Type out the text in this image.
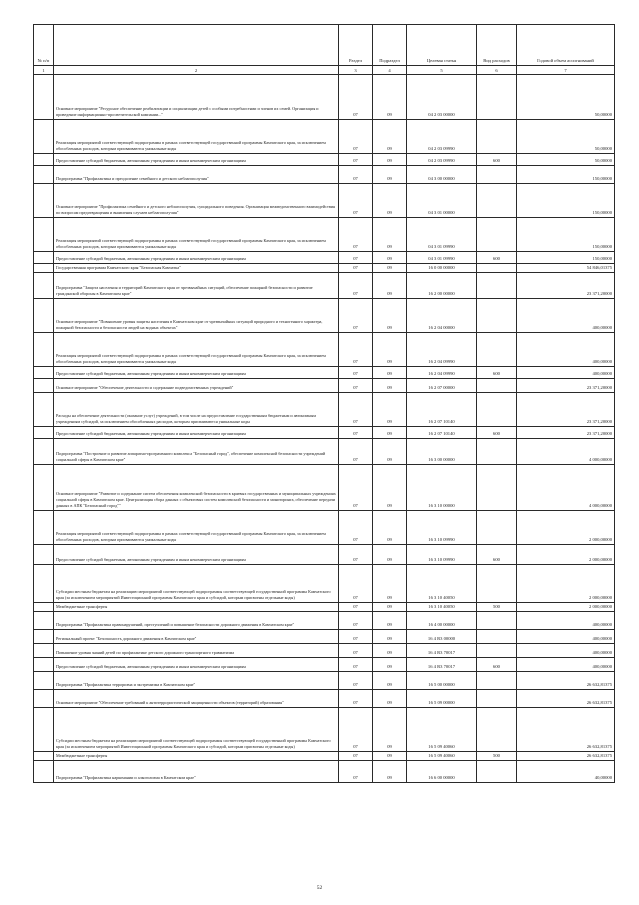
№ п/п		Раздел	Подраздел	Целевая статья	Вид расходов	Годовой объем ассигнований
1	2	3	4	5	6	7
	Основное мероприятие "Ресурсное обеспечение реабилитации и социализации детей с особыми потребностями и членов их семей. Организация и проведение информационно-просветительской кампании..."	07	09	04 2 03 00000		50,00000
	Реализация мероприятий соответствующей подпрограммы в рамках соответствующей государственной программы Камчатского края, за исключением обособленных расходов, которым присваиваются уникальные коды	07	09	04 2 03 09990		50,00000
	Предоставление субсидий бюджетным, автономным учреждениям и иным некоммерческим организациям	07	09	04 2 03 09990	600	50,00000
	Подпрограмма "Профилактика и преодоление семейного и детского неблагополучия"	07	09	04 3 00 00000		150,00000
	Основное мероприятие "Профилактика семейного и детского неблагополучия, суицидального поведения. Организация межведомственного взаимодействия по вопросам предотвращения и выявления случаев неблагополучия"	07	09	04 3 01 00000		150,00000
	Реализация мероприятий соответствующей подпрограммы в рамках соответствующей государственной программы Камчатского края, за исключением обособленных расходов, которым присваиваются уникальные коды	07	09	04 3 01 09990		150,00000
	Предоставление субсидий бюджетным, автономным учреждениям и иным некоммерческим организациям	07	09	04 3 01 09990	600	150,00000
	Государственная программа Камчатского края "Безопасная Камчатка"	07	09	16 0 00 00000		54 846,01375
	Подпрограмма "Защита населения и территорий Камчатского края от чрезвычайных ситуаций, обеспечение пожарной безопасности и развитие гражданской обороны в Камчатском крае"	07	09	16 2 00 00000		23 371,20000
	Основное мероприятие "Повышение уровня защиты населения в Камчатском крае от чрезвычайных ситуаций природного и техногенного характера, пожарной безопасности и безопасности людей на водных объектах"	07	09	16 2 04 00000		400,00000
	Реализация мероприятий соответствующей подпрограммы в рамках соответствующей государственной программы Камчатского края, за исключением обособленных расходов, которым присваиваются уникальные коды	07	09	16 2 04 09990		400,00000
	Предоставление субсидий бюджетным, автономным учреждениям и иным некоммерческим организациям	07	09	16 2 04 09990	600	400,00000
	Основное мероприятие "Обеспечение деятельности и содержание подведомственных учреждений"	07	09	16 2 07 00000		23 371,20000
	Расходы на обеспечение деятельности (оказание услуг) учреждений, в том числе на предоставление государственным бюджетным и автономным учреждениям субсидий, за исключением обособленных расходов, которым присваиваются уникальные коды	07	09	16 2 07 10140		23 371,20000
	Предоставление субсидий бюджетным, автономным учреждениям и иным некоммерческим организациям	07	09	16 2 07 10140	600	23 371,20000
	Подпрограмма "Построение и развитие аппаратно-программного комплекса "Безопасный город", обеспечение комплексной безопасности учреждений социальной сферы в Камчатском крае"	07	09	16 3 00 00000		4 000,00000
	Основное мероприятие "Развитие и содержание систем обеспечения комплексной безопасности в краевых государственных и муниципальных учреждениях социальной сферы в Камчатском крае. Централизация сбора данных с объектовых систем комплексной безопасности и мониторинга, обеспечение передачи данных в АПК "Безопасный город""	07	09	16 3 10 00000		4 000,00000
	Реализация мероприятий соответствующей подпрограммы в рамках соответствующей государственной программы Камчатского края, за исключением обособленных расходов, которым присваиваются уникальные коды	07	09	16 3 10 09990		2 000,00000
	Предоставление субсидий бюджетным, автономным учреждениям и иным некоммерческим организациям	07	09	16 3 10 09990	600	2 000,00000
	Субсидии местным бюджетам на реализацию мероприятий соответствующей подпрограммы соответствующей государственной программы Камчатского края (за исключением мероприятий Инвестиционной программы Камчатского края и субсидий, которым присвоены отдельные коды)	07	09	16 3 10 40050		2 000,00000
	Межбюджетные трансферты	07	09	16 3 10 40050	500	2 000,00000
	Подпрограмма "Профилактика правонарушений, преступлений и повышение безопасности дорожного движения в Камчатском крае"	07	09	16 4 00 00000		400,00000
	Региональный проект "Безопасность дорожного движения в Камчатском крае"	07	09	16 4 R3 00000		400,00000
	Повышение уровня знаний детей по профилактике детского дорожного транспортного травматизма	07	09	16 4 R3 70017		400,00000
	Предоставление субсидий бюджетным, автономным учреждениям и иным некоммерческим организациям	07	09	16 4 R3 70017	600	400,00000
	Подпрограмма "Профилактика терроризма и экстремизма в Камчатском крае"	07	09	16 5 00 00000		26 632,81375
	Основное мероприятие "Обеспечение требований к антитеррористической защищенности объектов (территорий) образования"	07	09	16 5 09 00000		26 632,81375
	Субсидии местным бюджетам на реализацию мероприятий соответствующей подпрограммы соответствующей государственной программы Камчатского края (за исключением мероприятий Инвестиционной программы Камчатского края и субсидий, которым присвоены отдельные коды)	07	09	16 5 09 40060		26 632,81375
	Межбюджетные трансферты	07	09	16 5 09 40060	500	26 632,81375
	Подпрограмма "Профилактика наркомании и алкоголизма в Камчатском крае"	07	09	16 6 00 00000		40,00000
52
